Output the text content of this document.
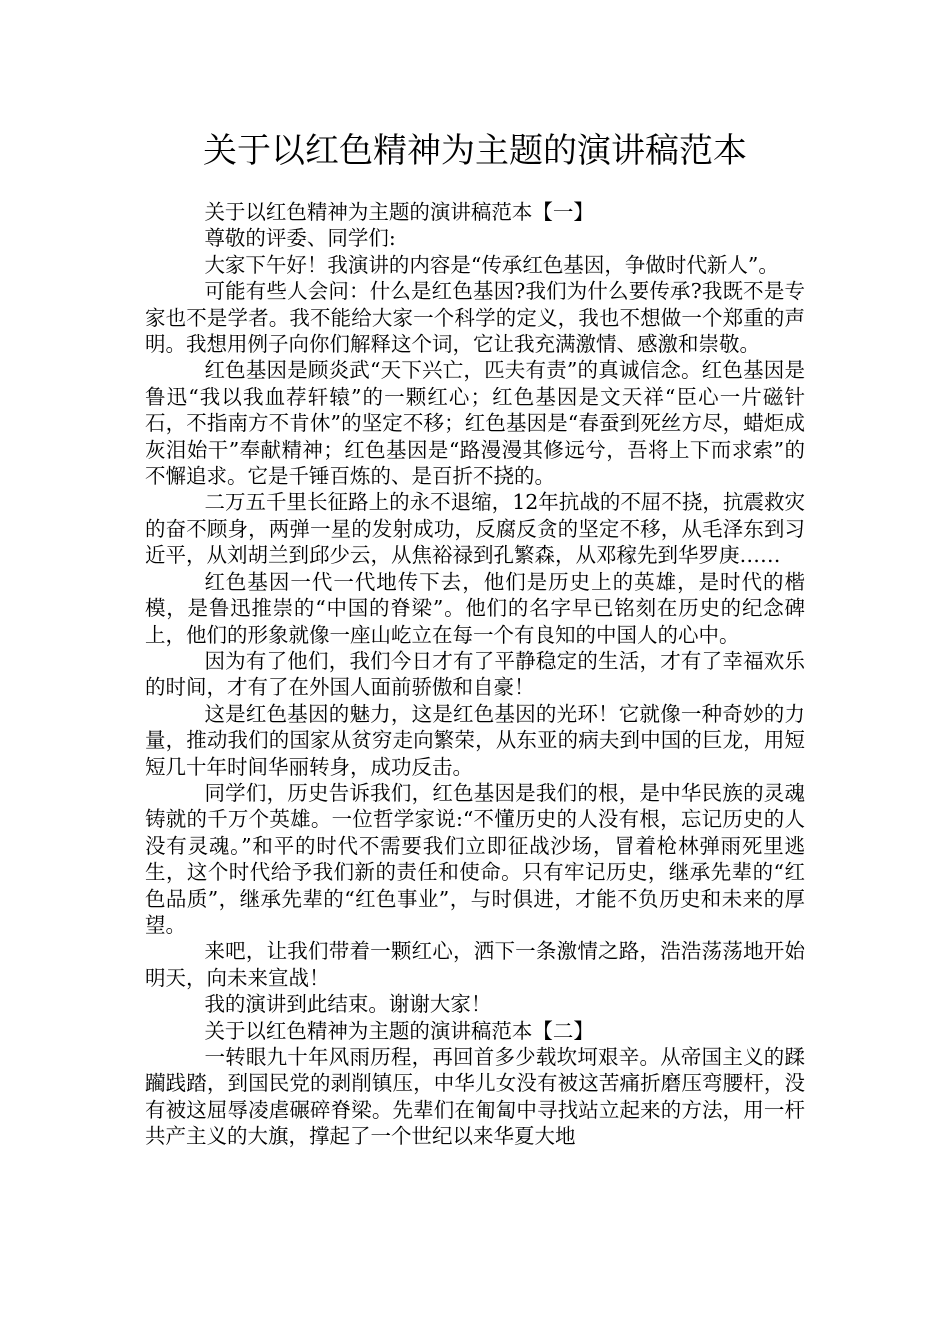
关于以红色精神为主题的演讲稿范本

关于以红色精神为主题的演讲稿范本【一】

尊敬的评委、同学们:

大家下午好！我演讲的内容是“传承红色基因，争做时代新人”。

可能有些人会问：什么是红色基因?我们为什么要传承?我既不是专家也不是学者。我不能给大家一个科学的定义，我也不想做一个郑重的声明。我想用例子向你们解释这个词，它让我充满激情、感激和崇敬。

红色基因是顾炎武“天下兴亡，匹夫有责”的真诚信念。红色基因是鲁迅“我以我血荐轩辕”的一颗红心；红色基因是文天祥“臣心一片磁针石，不指南方不肯休”的坚定不移；红色基因是“春蚕到死丝方尽，蜡炬成灰泪始干”奉献精神；红色基因是“路漫漫其修远兮，吾将上下而求索”的不懈追求。它是千锤百炼的、是百折不挠的。

二万五千里长征路上的永不退缩，12年抗战的不屈不挠，抗震救灾的奋不顾身，两弹一星的发射成功，反腐反贪的坚定不移，从毛泽东到习近平，从刘胡兰到邱少云，从焦裕禄到孔繁森，从邓稼先到华罗庚……

红色基因一代一代地传下去，他们是历史上的英雄，是时代的楷模，是鲁迅推崇的“中国的脊梁”。他们的名字早已铭刻在历史的纪念碑上，他们的形象就像一座山屹立在每一个有良知的中国人的心中。

因为有了他们，我们今日才有了平静稳定的生活，才有了幸福欢乐的时间，才有了在外国人面前骄傲和自豪！

这是红色基因的魅力，这是红色基因的光环！它就像一种奇妙的力量，推动我们的国家从贫穷走向繁荣，从东亚的病夫到中国的巨龙，用短短几十年时间华丽转身，成功反击。

同学们，历史告诉我们，红色基因是我们的根，是中华民族的灵魂铸就的千万个英雄。一位哲学家说:“不懂历史的人没有根，忘记历史的人没有灵魂。”和平的时代不需要我们立即征战沙场，冒着枪林弹雨死里逃生，这个时代给予我们新的责任和使命。只有牢记历史，继承先辈的“红色品质”，继承先辈的“红色事业”，与时俱进，才能不负历史和未来的厚望。

来吧，让我们带着一颗红心，洒下一条激情之路，浩浩荡荡地开始明天，向未来宣战！

我的演讲到此结束。谢谢大家！

关于以红色精神为主题的演讲稿范本【二】

一转眼九十年风雨历程，再回首多少载坎坷艰辛。从帝国主义的蹂躏践踏，到国民党的剥削镇压，中华儿女没有被这苦痛折磨压弯腰杆，没有被这屈辱凌虐碾碎脊梁。先辈们在匍匐中寻找站立起来的方法，用一杆共产主义的大旗，撑起了一个世纪以来华夏大地
